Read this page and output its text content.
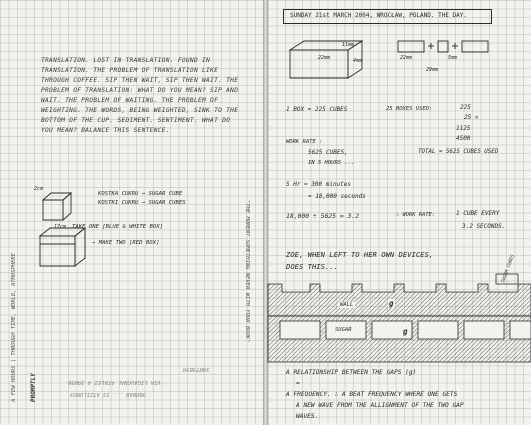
TRANSLATION. LOST IN TRANSLATION. FOUND IN TRANSLATION. THE PROBLEM OF TRANSLATION LIKE THROUGH COFFEE. SIP THEN WAIT, SIP THEN WAIT. THE PROBLEM OF TRANSLATION: WHAT DO YOU MEAN? SIP AND WAIT. THE PROBLEM OF WAITING. THE PROBLEM OF WEIGHTING. THE WORDS, BEING WEIGHTED, SINK TO THE BOTTOM OF THE CUP. SEDIMENT. SENTIMENT. WHAT DO YOU MEAN? BALANCE THIS SENTENCE.
2cm
KOSTKA CUKRU → SUGAR CUBE
KOSTKI CUKRU → SUGAR CUBES
17cm TAKE ONE [BLUE & WHITE BOX]
→ MAKE TWO [RED BOX]
A FEW HOURS | THROUGH TIME, WORLD, ATMOSPHERE PROMPTLY
"THE MOMENT SOMETHING NEVER WITH YOUR BOOK"
ЗЯИТЭВЭЯ
VIA LIGAUGNAL ATALEZ 4 ЗЯИЭВ
ЭВИВАЯ ... 33 ATZILUMUЭ
SUNDAY 21st MARCH 2004, WROCŁAW, POLAND. THE DAY.
22mm
11mm
4mm	22mm	5mm
29mm
1 BOX = 225 CUBES	25 BOXES USED:	225
25 ×
1125
4500
TOTAL = 5625 CUBES USED
WORK RATE :
5625 CUBES,
IN 5 HOURS ...
5 Hr = 300 minutes
= 18,000 seconds
18,000 ÷ 5625 = 3.2	∴ WORK RATE:	1 CUBE EVERY
3.2 SECONDS.
ZOE, WHEN LEFT TO HER OWN DEVICES,
DOES THIS...	SUGAR CUBES
WALL	g
SUGAR	g
A RELATIONSHIP BETWEEN THE GAPS (g)
=
A FREQUENCY. ∴ A BEAT FREQUENCY WHERE ONE GETS
A NEW WAVE FROM THE ALLIGNMENT OF THE TWO GAP
WAVES.
